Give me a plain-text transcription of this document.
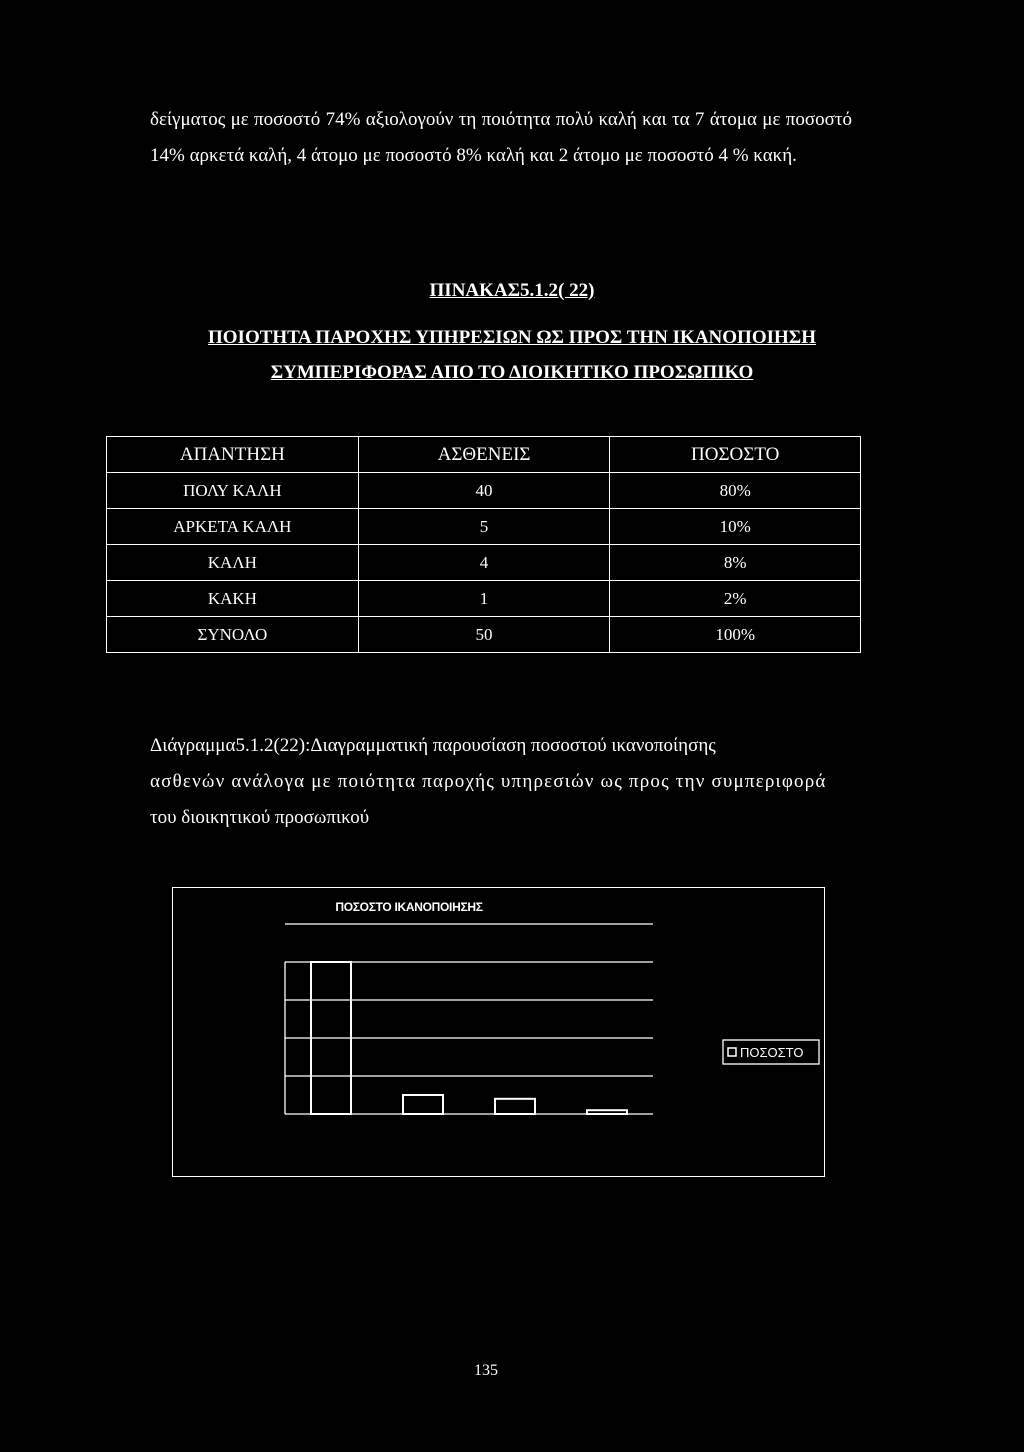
δείγματος με ποσοστό 74% αξιολογούν τη ποιότητα πολύ καλή και τα 7 άτομα με ποσοστό 14% αρκετά καλή, 4 άτομο με ποσοστό 8% καλή και 2 άτομο με ποσοστό 4 % κακή.

ΠΙΝΑΚΑΣ5.1.2( 22)

ΠΟΙΟΤΗΤΑ ΠΑΡΟΧΗΣ ΥΠΗΡΕΣΙΩΝ ΩΣ ΠΡΟΣ ΤΗΝ ΙΚΑΝΟΠΟΙΗΣΗ

ΣΥΜΠΕΡΙΦΟΡΑΣ ΑΠΟ ΤΟ ΔΙΟΙΚΗΤΙΚΟ ΠΡΟΣΩΠΙΚΟ

ΑΠΑΝΤΗΣΗ	ΑΣΘΕΝΕΙΣ	ΠΟΣΟΣΤΟ
ΠΟΛΥ ΚΑΛΗ	40	80%
ΑΡΚΕΤΑ ΚΑΛΗ	5	10%
ΚΑΛΗ	4	8%
ΚΑΚΗ	1	2%
ΣΥΝΟΛΟ	50	100%

Διάγραμμα5.1.2(22):Διαγραμματική παρουσίαση ποσοστού ικανοποίησης
ασθενών ανάλογα με ποιότητα παροχής υπηρεσιών ως προς την συμπεριφορά
του διοικητικού προσωπικού

ΠΟΣΟΣΤΟ ΙΚΑΝΟΠΟΙΗΣΗΣ
ΠΟΣΟΣΤΟ
135
